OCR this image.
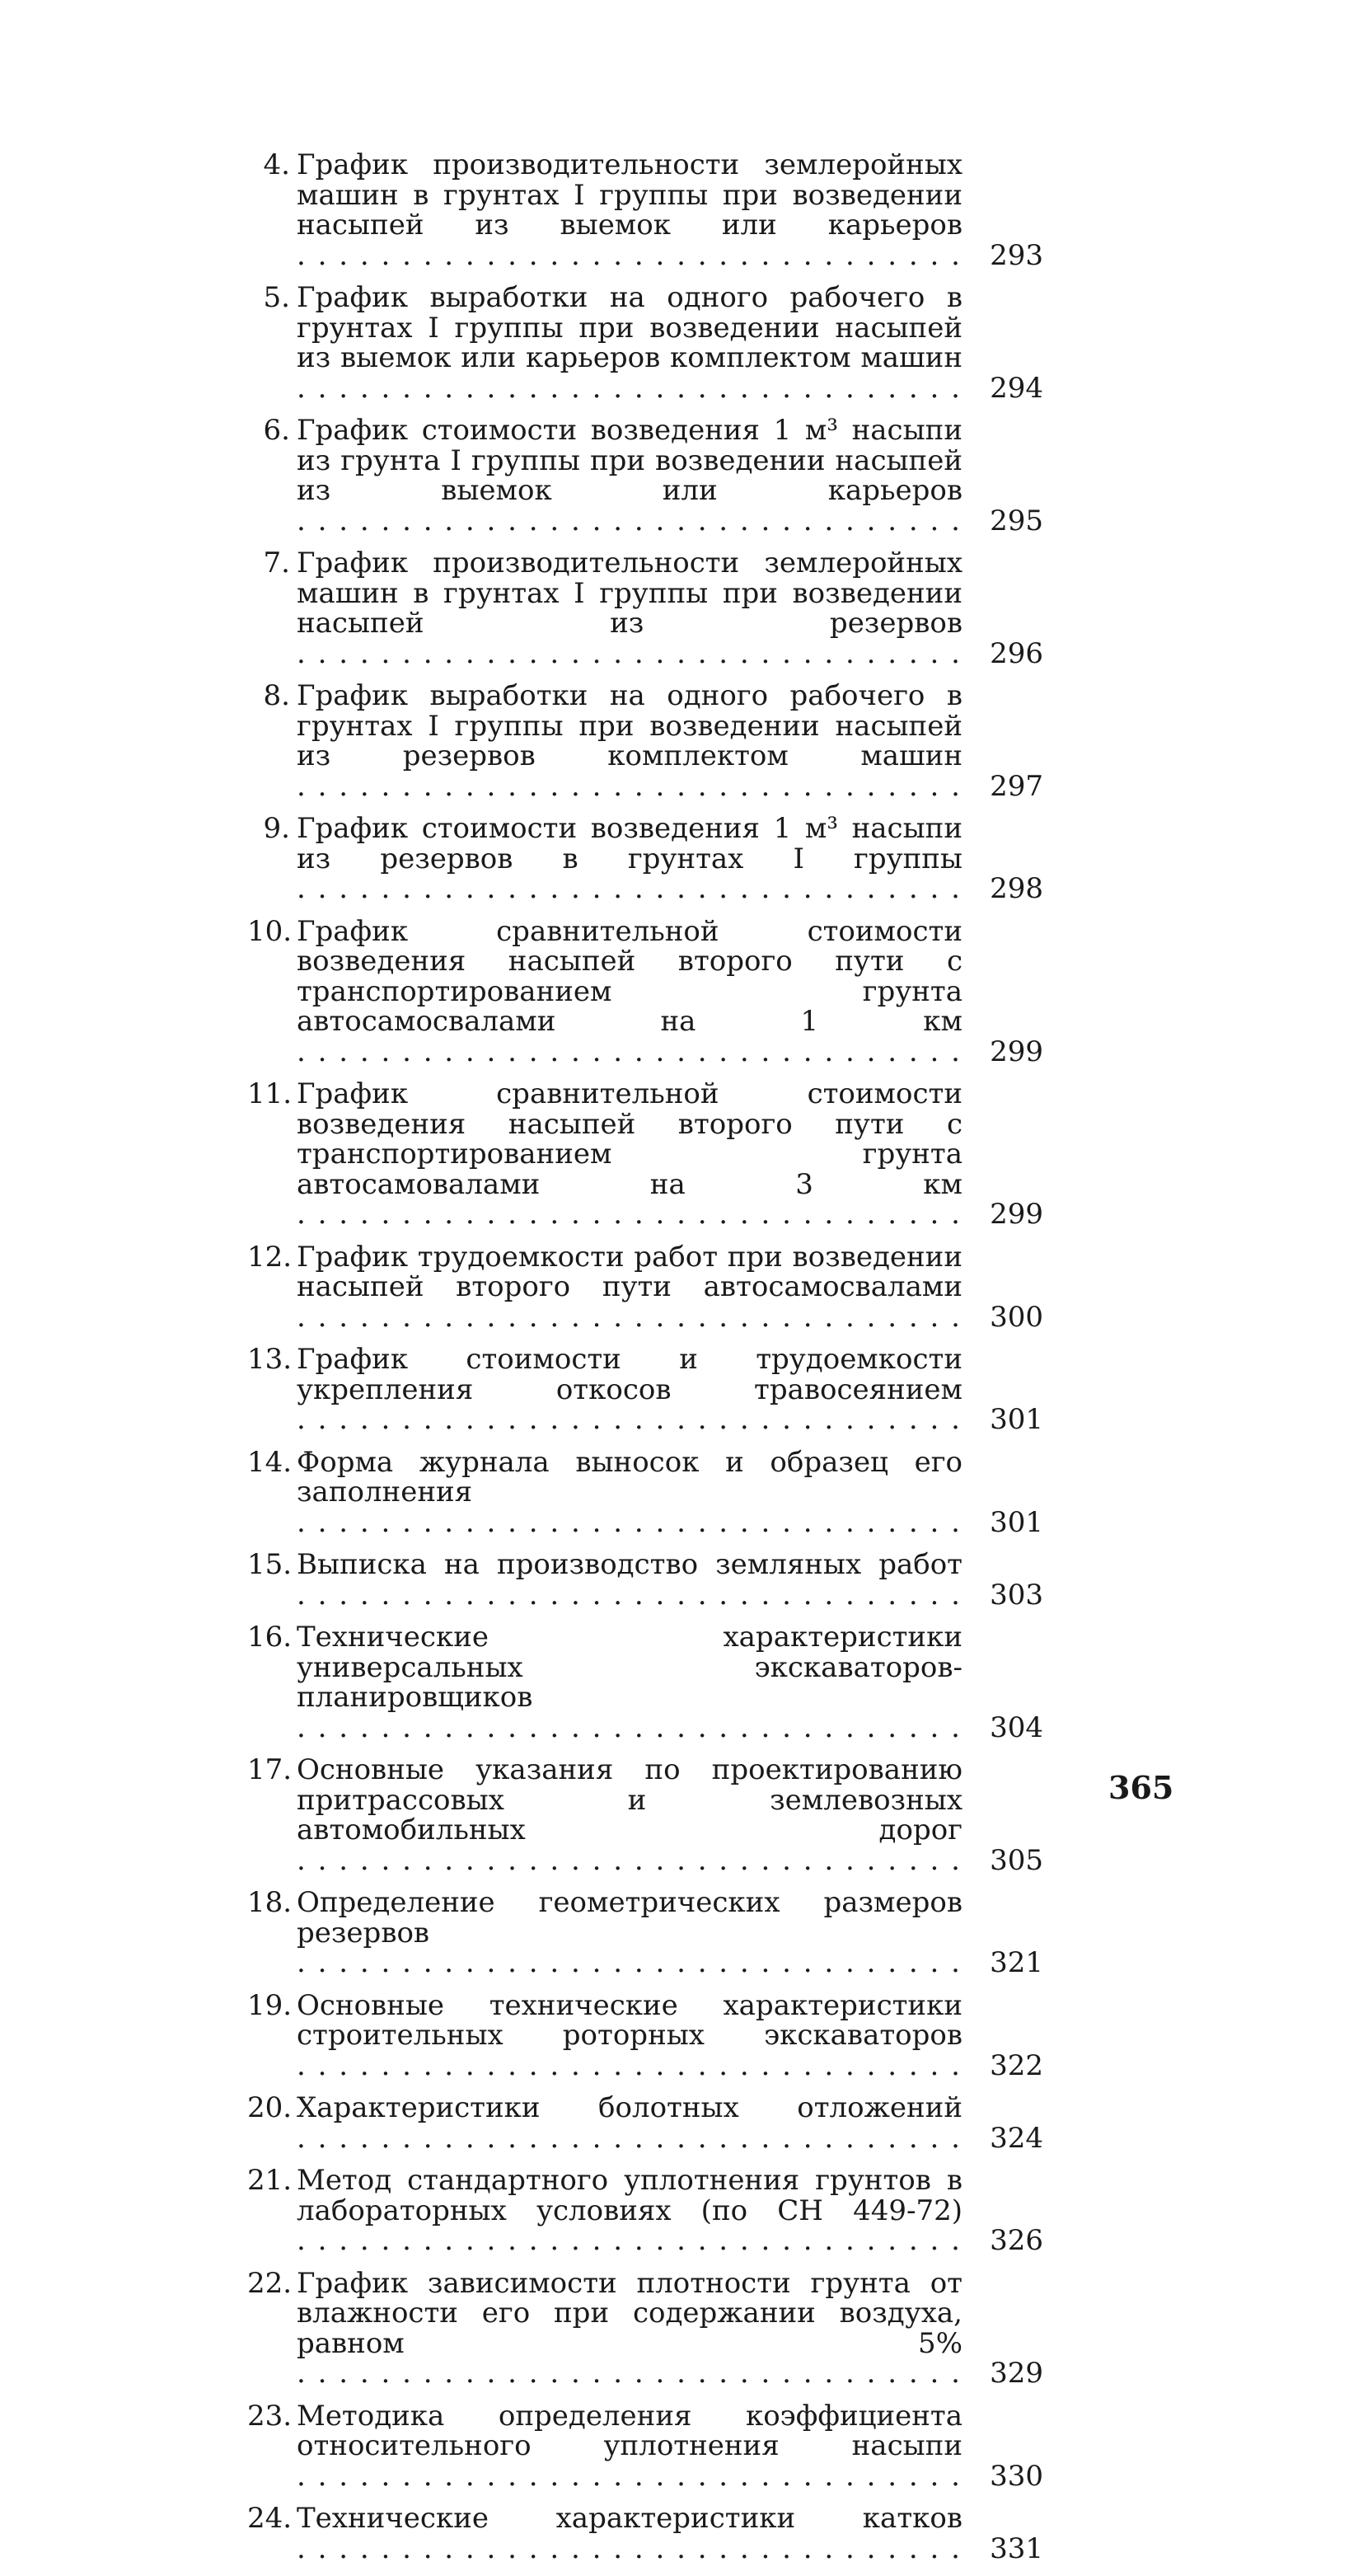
4. График производительности землеройных машин в грунтах I группы при возведении насыпей из выемок или карьеров . . .
293
5. График выработки на одного рабочего в грунтах I группы при возведении насыпей из выемок или карьеров комплектом машин . . .
294
6. График стоимости возведения 1 м³ насыпи из грунта I группы при возведении насыпей из выемок или карьеров . . .
295
7. График производительности землеройных машин в грунтах I группы при возведении насыпей из резервов . . .
296
8. График выработки на одного рабочего в грунтах I группы при возведении насыпей из резервов комплектом машин . . .
297
9. График стоимости возведения 1 м³ насыпи из резервов в грунтах I группы . . .
298
10. График сравнительной стоимости возведения насыпей второго пути с транспортированием грунта автосамосвалами на 1 км . . .
299
11. График сравнительной стоимости возведения насыпей второго пути с транспортированием грунта автосамовалами на 3 км . . .
299
12. График трудоемкости работ при возведении насыпей второго пути автосамосвалами . . .
300
13. График стоимости и трудоемкости укрепления откосов травосеянием . . .
301
14. Форма журнала выносок и образец его заполнения . . .
301
15. Выписка на производство земляных работ . . .
303
16. Технические характеристики универсальных экскаваторов-планировщиков . . .
304
17. Основные указания по проектированию притрассовых и землевозных автомобильных дорог . . .
305
18. Определение геометрических размеров резервов . . .
321
19. Основные технические характеристики строительных роторных экскаваторов . . .
322
20. Характеристики болотных отложений . . .
324
21. Метод стандартного уплотнения грунтов в лабораторных условиях (по СН 449-72) . . .
326
22. График зависимости плотности грунта от влажности его при содержании воздуха, равном 5% . . .
329
23. Методика определения коэффициента относительного уплотнения насыпи . . .
330
24. Технические характеристики катков . . .
331
365
